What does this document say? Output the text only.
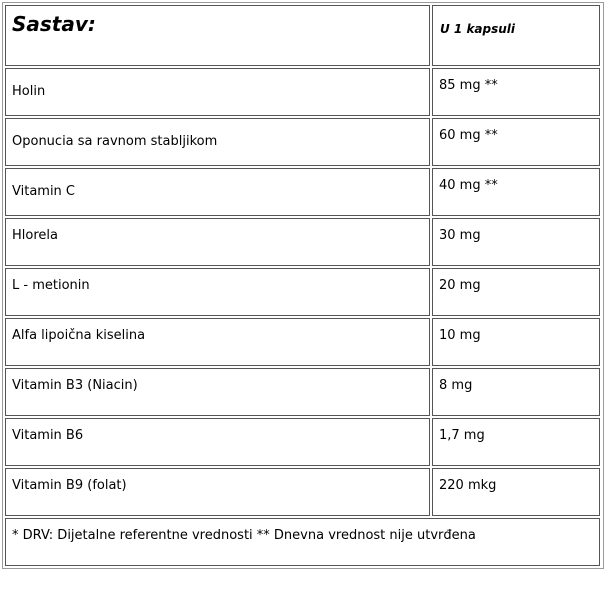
Sastav:	U 1 kapsuli
Holin	85 mg **
Oponucia sa ravnom stabljikom	60 mg **
Vitamin C	40 mg **
Hlorela	30 mg
L - metionin	20 mg
Alfa lipoična kiselina	10 mg
Vitamin B3 (Niacin)	8 mg
Vitamin B6	1,7 mg
Vitamin B9 (folat)	220 mkg
* DRV: Dijetalne referentne vrednosti ** Dnevna vrednost nije utvrđena
